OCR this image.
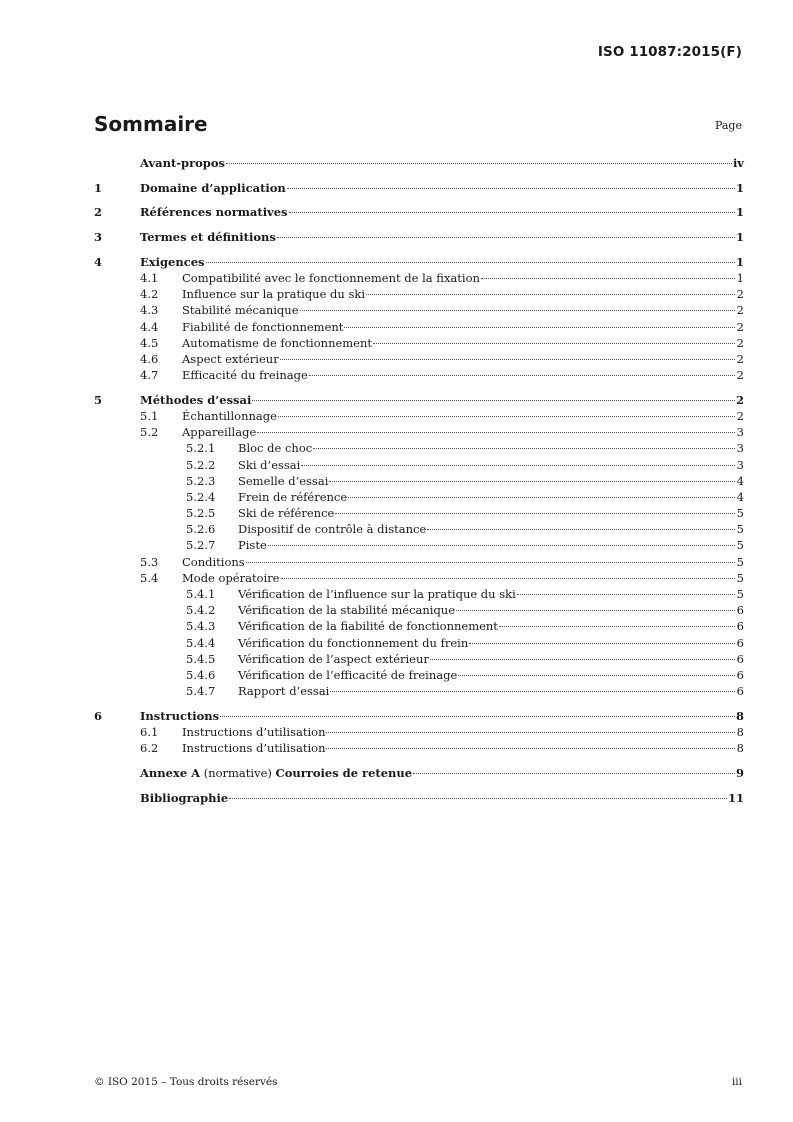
ISO 11087:2015(F)
Sommaire	Page
Avant-propos	iv
1	Domaine d’application	1
2	Références normatives	1
3	Termes et définitions	1
4	Exigences	1
4.1	Compatibilité avec le fonctionnement de la fixation	1
4.2	Influence sur la pratique du ski	2
4.3	Stabilité mécanique	2
4.4	Fiabilité de fonctionnement	2
4.5	Automatisme de fonctionnement	2
4.6	Aspect extérieur	2
4.7	Efficacité du freinage	2
5	Méthodes d’essai	2
5.1	Échantillonnage	2
5.2	Appareillage	3
5.2.1	Bloc de choc	3
5.2.2	Ski d’essai	3
5.2.3	Semelle d’essai	4
5.2.4	Frein de référence	4
5.2.5	Ski de référence	5
5.2.6	Dispositif de contrôle à distance	5
5.2.7	Piste	5
5.3	Conditions	5
5.4	Mode opératoire	5
5.4.1	Vérification de l’influence sur la pratique du ski	5
5.4.2	Vérification de la stabilité mécanique	6
5.4.3	Vérification de la fiabilité de fonctionnement	6
5.4.4	Vérification du fonctionnement du frein	6
5.4.5	Vérification de l’aspect extérieur	6
5.4.6	Vérification de l’efficacité de freinage	6
5.4.7	Rapport d’essai	6
6	Instructions	8
6.1	Instructions d’utilisation	8
6.2	Instructions d’utilisation	8
Annexe A (normative) Courroies de retenue	9
Bibliographie	11
© ISO 2015 – Tous droits réservés	iii
